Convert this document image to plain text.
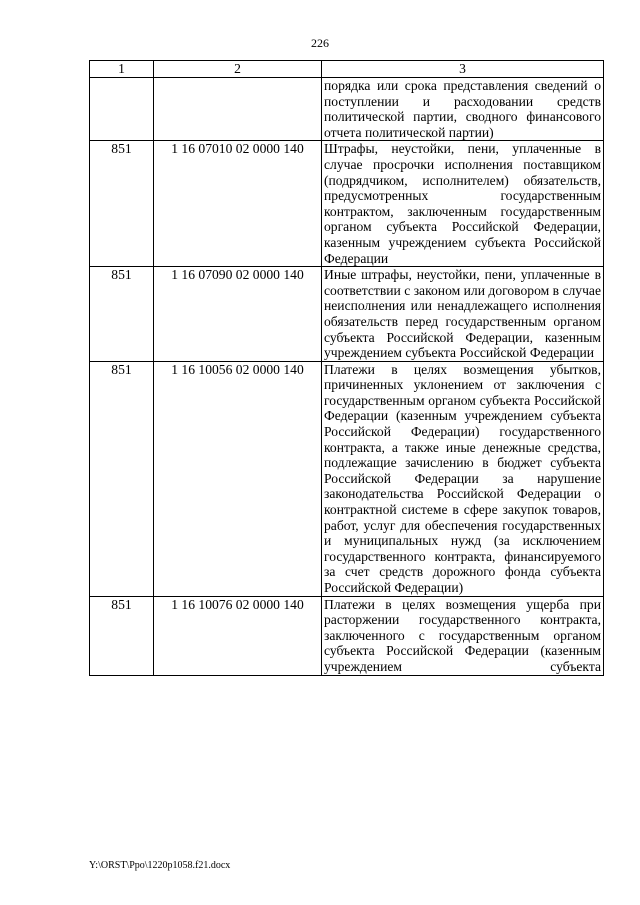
226
1	2	3
		порядка или срока представления сведений о поступлении и расходовании средств политической партии, сводного финансового отчета политической партии)
851	1 16 07010 02 0000 140	Штрафы, неустойки, пени, уплаченные в случае просрочки исполнения поставщиком (подрядчиком, исполнителем) обязательств, предусмотренных государственным контрактом, заключенным государственным органом субъекта Российской Федерации, казенным учреждением субъекта Российской Федерации
851	1 16 07090 02 0000 140	Иные штрафы, неустойки, пени, уплаченные в соответствии с законом или договором в случае неисполнения или ненадлежащего исполнения обязательств перед государственным органом субъекта Российской Федерации, казенным учреждением субъекта Российской Федерации
851	1 16 10056 02 0000 140	Платежи в целях возмещения убытков, причиненных уклонением от заключения с государственным органом субъекта Российской Федерации (казенным учреждением субъекта Российской Федерации) государственного контракта, а также иные денежные средства, подлежащие зачислению в бюджет субъекта Российской Федерации за нарушение законодательства Российской Федерации о контрактной системе в сфере закупок товаров, работ, услуг для обеспечения государственных и муниципальных нужд (за исключением государственного контракта, финансируемого за счет средств дорожного фонда субъекта Российской Федерации)
851	1 16 10076 02 0000 140	Платежи в целях возмещения ущерба при расторжении государственного контракта, заключенного с государственным органом субъекта Российской Федерации (казенным учреждением субъекта
Y:\ORST\Ppo\1220p1058.f21.docx
